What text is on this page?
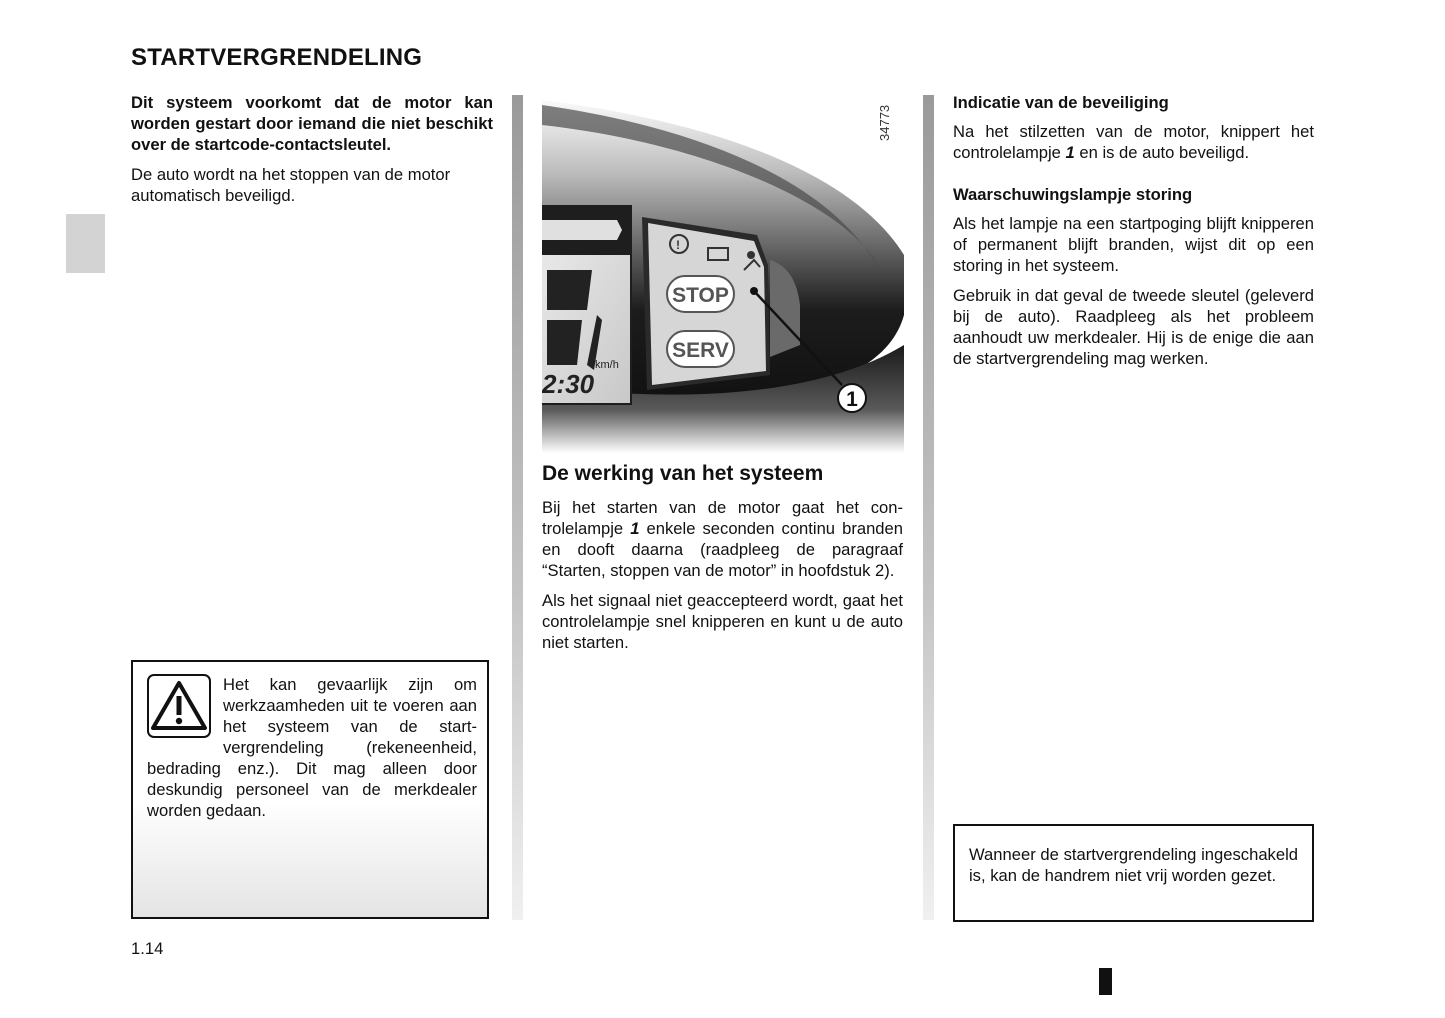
STARTVERGRENDELING

Dit systeem voorkomt dat de motor kan worden gestart door iemand die niet beschikt over de startcode-contactsleutel.

De auto wordt na het stoppen van de motor automatisch beveiligd.

Het kan gevaarlijk zijn om werkzaamheden uit te voeren aan het systeem van de startvergrendeling (rekeneenheid, bedrading enz.). Dit mag alleen door deskundig personeel van de merkdealer worden gedaan.
km/h
2:30
!
STOP
SERV
1
34773
De werking van het systeem

Bij het starten van de motor gaat het controlelampje 1 enkele seconden continu branden en dooft daarna (raadpleeg de paragraaf “Starten, stoppen van de motor” in hoofdstuk 2).

Als het signaal niet geaccepteerd wordt, gaat het controlelampje snel knipperen en kunt u de auto niet starten.

Indicatie van de beveiliging

Na het stilzetten van de motor, knippert het controlelampje 1 en is de auto beveiligd.

Waarschuwingslampje storing

Als het lampje na een startpoging blijft knipperen of permanent blijft branden, wijst dit op een storing in het systeem.

Gebruik in dat geval de tweede sleutel (geleverd bij de auto). Raadpleeg als het probleem aanhoudt uw merkdealer. Hij is de enige die aan de startvergrendeling mag werken.

Wanneer de startvergrendeling ingeschakeld is, kan de handrem niet vrij worden gezet.
1.14
